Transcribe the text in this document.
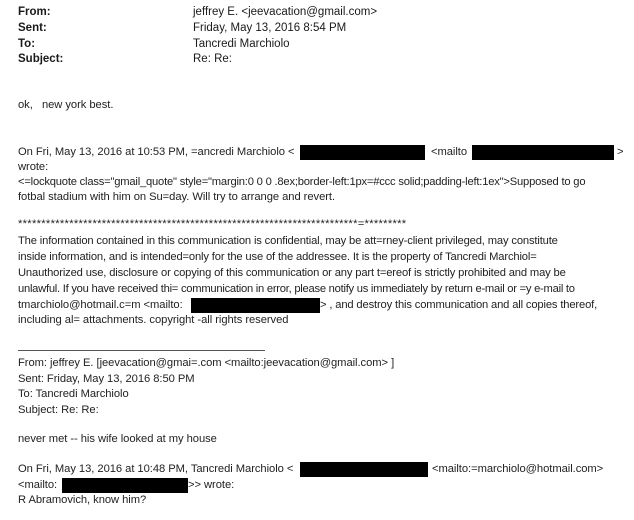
From:	jeffrey E. <jeevacation@gmail.com>
Sent:	Friday, May 13, 2016 8:54 PM
To:	Tancredi Marchiolo
Subject:	Re: Re:
ok,   new york best.
On Fri, May 13, 2016 at 10:53 PM, =ancredi Marchiolo <	<mailto	>
wrote:
<=lockquote class="gmail_quote" style="margin:0 0 0 .8ex;border-left:1px=#ccc solid;padding-left:1ex">Supposed to go
fotbal stadium with him on Su=day. Will try to arrange and revert.
*************************************************************************=*********
The information contained in this communication is confidential, may be att=rney-client privileged, may constitute
inside information, and is intended=only for the use of the addressee. It is the property of Tancredi Marchiol=
Unauthorized use, disclosure or copying of this communication or any part t=ereof is strictly prohibited and may be
unlawful. If you have received thi= communication in error, please notify us immediately by return e-mail or =y e-mail to
tmarchiolo@hotmail.c=m <mailto:	> , and destroy this communication and all copies thereof,
including al= attachments. copyright -all rights reserved
From: jeffrey E. [jeevacation@gmai=.com <mailto:jeevacation@gmail.com> ]
Sent: Friday, May 13, 2016 8:50 PM
To: Tancredi Marchiolo
Subject: Re: Re:
never met -- his wife looked at my house
On Fri, May 13, 2016 at 10:48 PM, Tancredi Marchiolo <	<mailto:=marchiolo@hotmail.com>
<mailto:	>> wrote:
R Abramovich, know him?
